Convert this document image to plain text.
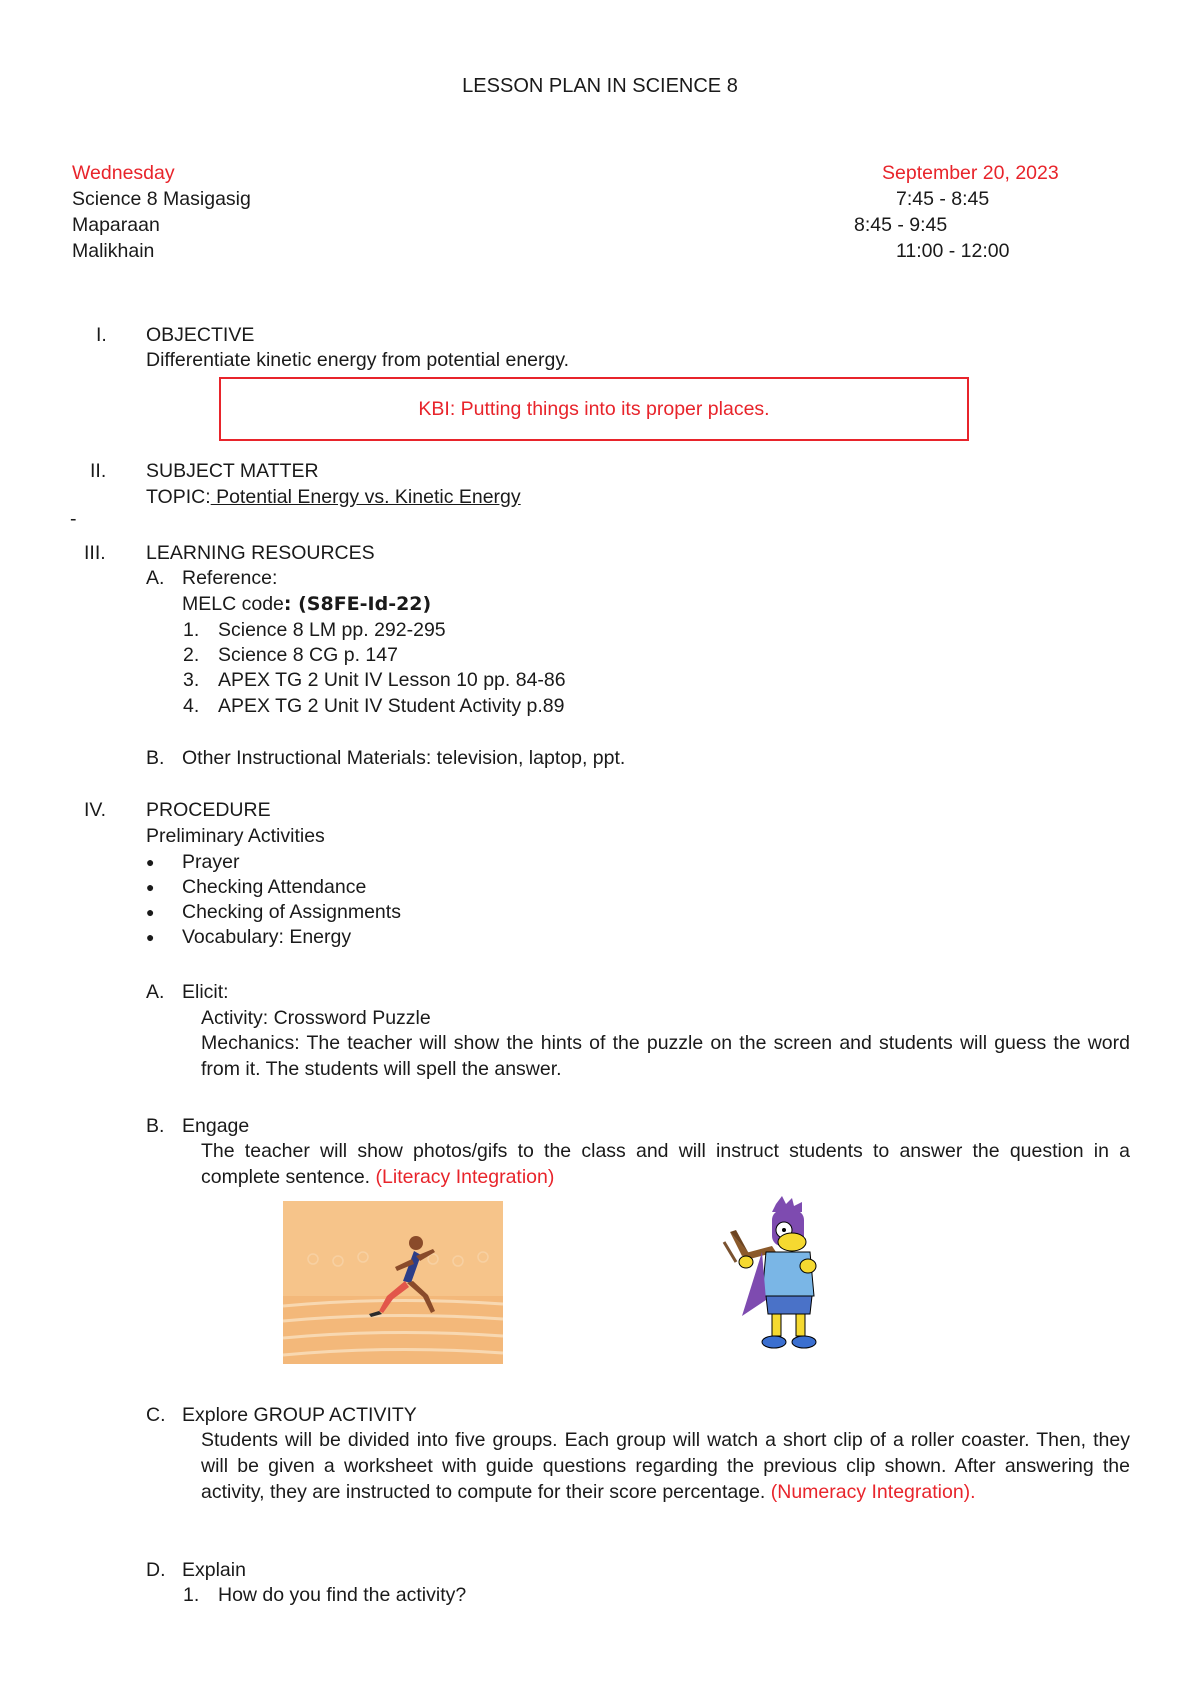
LESSON PLAN IN SCIENCE 8
Wednesday	September 20, 2023
Science 8 Masigasig	7:45 - 8:45
Maparaan	8:45 - 9:45
Malikhain	11:00 - 12:00
I. OBJECTIVE
Differentiate kinetic energy from potential energy.
KBI: Putting things into its proper places.
II. SUBJECT MATTER
TOPIC: Potential Energy vs. Kinetic Energy
-
III. LEARNING RESOURCES
A. Reference:
MELC code: (S8FE-Id-22)
1. Science 8 LM pp. 292-295
2. Science 8 CG p. 147
3. APEX TG 2 Unit IV Lesson 10 pp. 84-86
4. APEX TG 2 Unit IV Student Activity p.89
B. Other Instructional Materials: television, laptop, ppt.
IV. PROCEDURE
Preliminary Activities
● Prayer
● Checking Attendance
● Checking of Assignments
● Vocabulary: Energy
A. Elicit:
Activity: Crossword Puzzle
Mechanics: The teacher will show the hints of the puzzle on the screen and students will guess the word from it. The students will spell the answer.
B. Engage
The teacher will show photos/gifs to the class and will instruct students to answer the question in a complete sentence. (Literacy Integration)
C. Explore GROUP ACTIVITY
Students will be divided into five groups. Each group will watch a short clip of a roller coaster. Then, they will be given a worksheet with guide questions regarding the previous clip shown. After answering the activity, they are instructed to compute for their score percentage. (Numeracy Integration).
D. Explain
1. How do you find the activity?
